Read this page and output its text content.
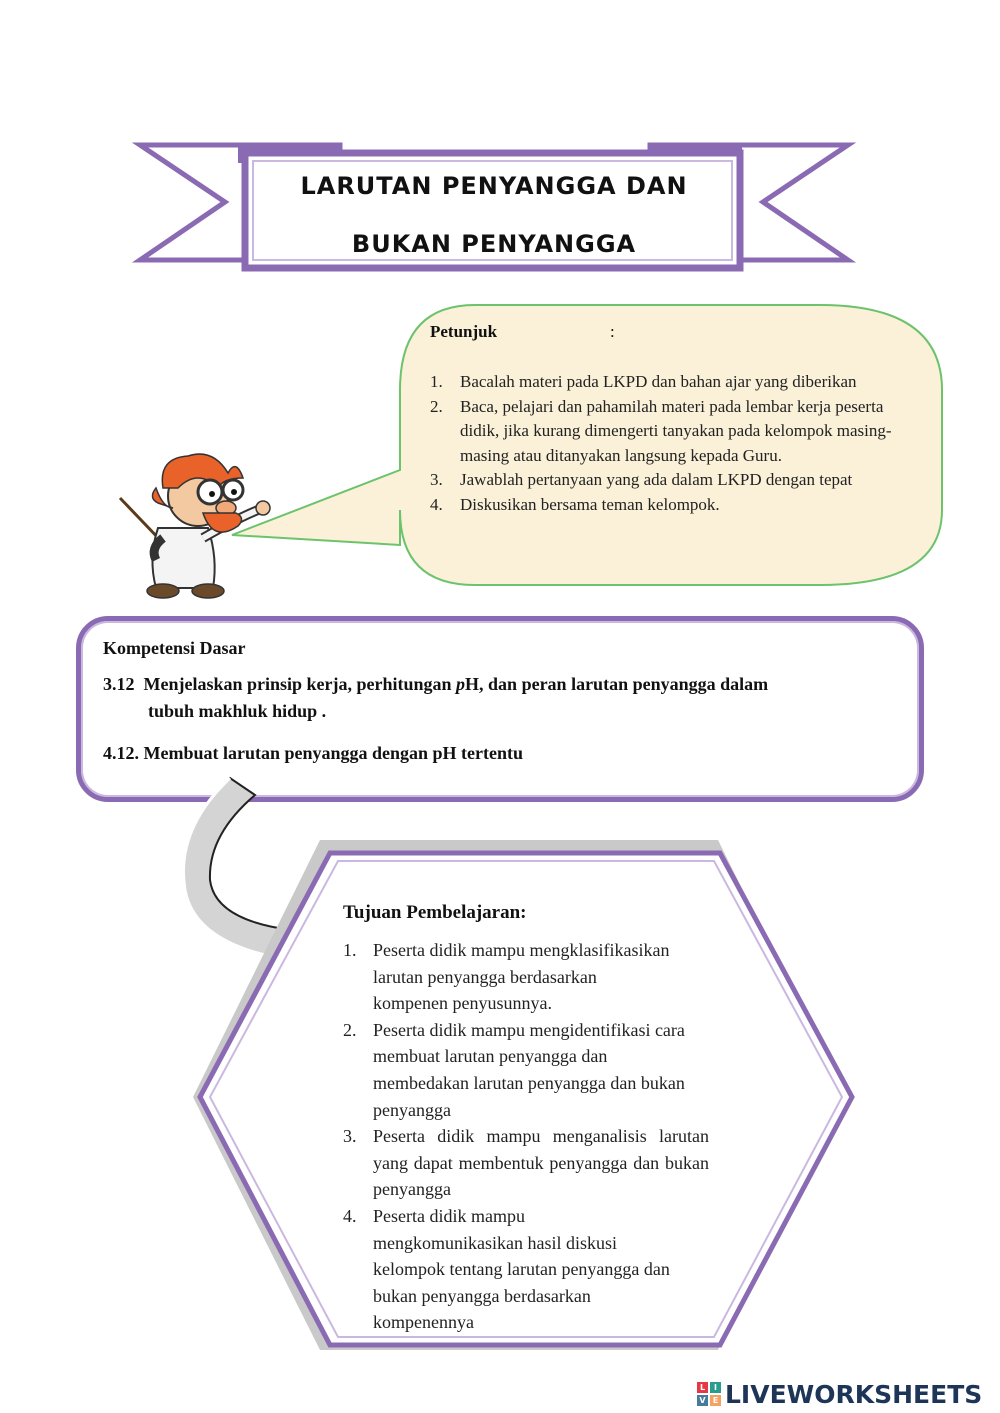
LARUTAN PENYANGGA DAN
BUKAN PENYANGGA
Petunjuk	:
1. Bacalah materi pada LKPD dan bahan ajar yang diberikan
2. Baca, pelajari dan pahamilah materi pada lembar kerja peserta didik, jika kurang dimengerti tanyakan pada kelompok masing-masing atau ditanyakan langsung kepada Guru.
3. Jawablah pertanyaan yang ada dalam LKPD dengan tepat
4. Diskusikan bersama teman kelompok.
Kompetensi Dasar
3.12 Menjelaskan prinsip kerja, perhitungan pH, dan peran larutan penyangga dalam
tubuh makhluk hidup .
4.12. Membuat larutan penyangga dengan pH tertentu
Tujuan Pembelajaran:
1. Peserta didik mampu mengklasifikasikan larutan penyangga berdasarkan kompenen penyusunnya.
2. Peserta didik mampu mengidentifikasi cara membuat larutan penyangga dan membedakan larutan penyangga dan bukan penyangga
3. Peserta didik mampu menganalisis larutan yang dapat membentuk penyangga dan bukan penyangga
4. Peserta didik mampu mengkomunikasikan hasil diskusi kelompok tentang larutan penyangga dan bukan penyangga berdasarkan kompenennya
L	I
V E LIVEWORKSHEETS
